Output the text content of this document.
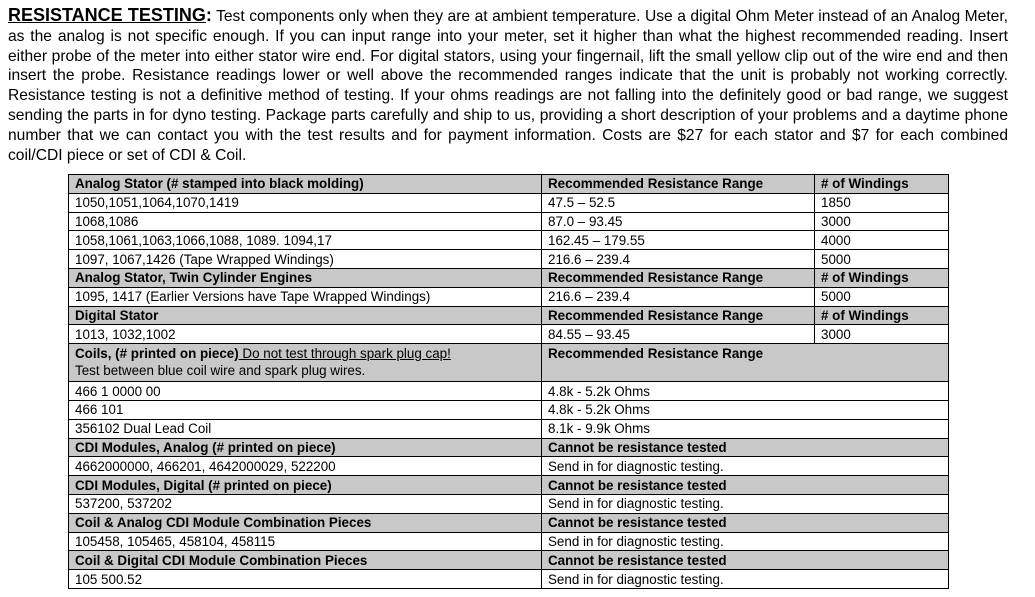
RESISTANCE TESTING: Test components only when they are at ambient temperature. Use a digital Ohm Meter instead of an Analog Meter, as the analog is not specific enough. If you can input range into your meter, set it higher than what the highest recommended reading. Insert either probe of the meter into either stator wire end. For digital stators, using your fingernail, lift the small yellow clip out of the wire end and then insert the probe. Resistance readings lower or well above the recommended ranges indicate that the unit is probably not working correctly. Resistance testing is not a definitive method of testing. If your ohms readings are not falling into the definitely good or bad range, we suggest sending the parts in for dyno testing. Package parts carefully and ship to us, providing a short description of your problems and a daytime phone number that we can contact you with the test results and for payment information. Costs are $27 for each stator and $7 for each combined coil/CDI piece or set of CDI & Coil.
Analog Stator (# stamped into black molding)	Recommended Resistance Range	# of Windings
1050,1051,1064,1070,1419	47.5 – 52.5	1850
1068,1086	87.0 – 93.45	3000
1058,1061,1063,1066,1088, 1089. 1094,17	162.45 – 179.55	4000
1097, 1067,1426 (Tape Wrapped Windings)	216.6 – 239.4	5000
Analog Stator, Twin Cylinder Engines	Recommended Resistance Range	# of Windings
1095, 1417 (Earlier Versions have Tape Wrapped Windings)	216.6 – 239.4	5000
Digital Stator	Recommended Resistance Range	# of Windings
1013, 1032,1002	84.55 – 93.45	3000
Coils, (# printed on piece) Do not test through spark plug cap!
Test between blue coil wire and spark plug wires.	Recommended Resistance Range	
466 1 0000 00	4.8k - 5.2k Ohms	
466 101	4.8k - 5.2k Ohms	
356102 Dual Lead Coil	8.1k - 9.9k Ohms	
CDI Modules, Analog (# printed on piece)	Cannot be resistance tested	
4662000000, 466201, 4642000029, 522200	Send in for diagnostic testing.	
CDI Modules, Digital (# printed on piece)	Cannot be resistance tested	
537200, 537202	Send in for diagnostic testing.	
Coil & Analog CDI Module Combination Pieces	Cannot be resistance tested	
105458, 105465, 458104, 458115	Send in for diagnostic testing.	
Coil & Digital CDI Module Combination Pieces	Cannot be resistance tested	
105 500.52	Send in for diagnostic testing.	
